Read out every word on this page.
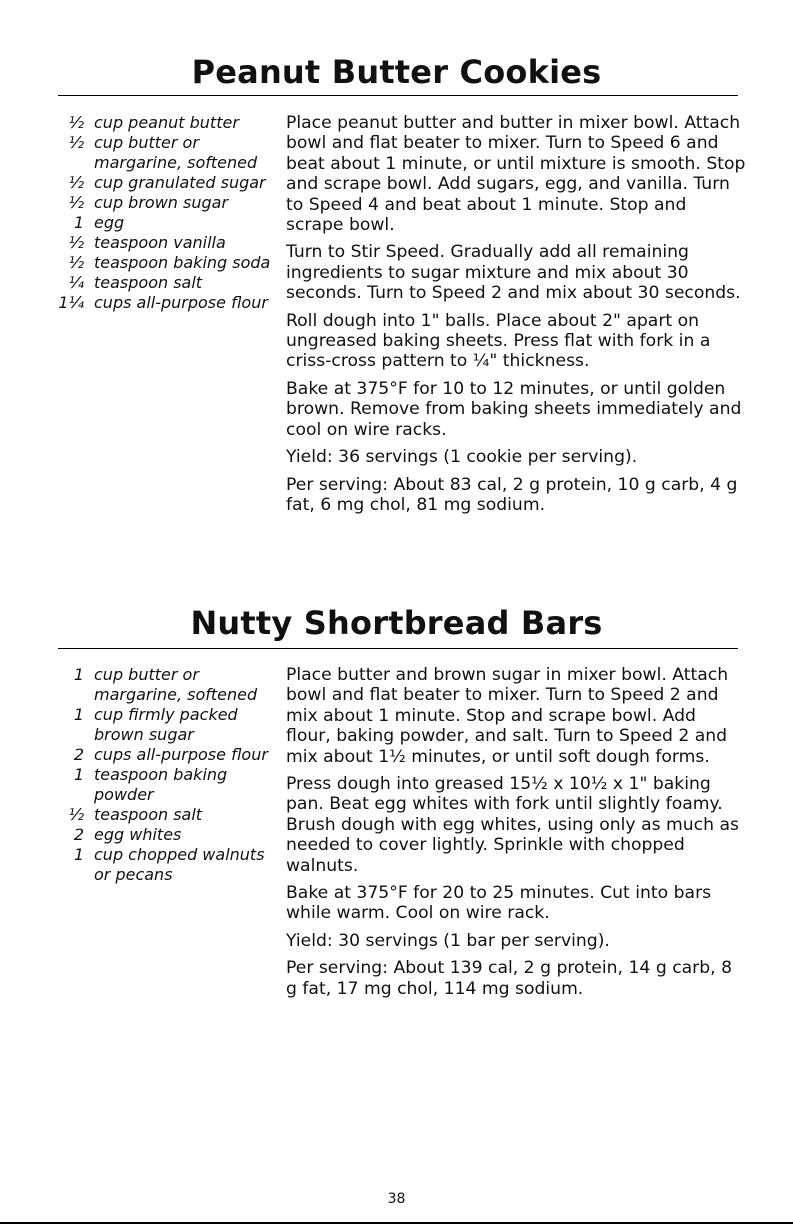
Peanut Butter Cookies
½ cup peanut butter
½ cup butter or margarine, softened
½ cup granulated sugar
½ cup brown sugar
1 egg
½ teaspoon vanilla
½ teaspoon baking soda
¼ teaspoon salt
1¼ cups all-purpose flour

Place peanut butter and butter in mixer bowl. Attach bowl and flat beater to mixer. Turn to Speed 6 and beat about 1 minute, or until mixture is smooth. Stop and scrape bowl. Add sugars, egg, and vanilla. Turn to Speed 4 and beat about 1 minute. Stop and scrape bowl.

Turn to Stir Speed. Gradually add all remaining ingredients to sugar mixture and mix about 30 seconds. Turn to Speed 2 and mix about 30 seconds.

Roll dough into 1" balls. Place about 2" apart on ungreased baking sheets. Press flat with fork in a criss-cross pattern to ¼" thickness.

Bake at 375°F for 10 to 12 minutes, or until golden brown. Remove from baking sheets immediately and cool on wire racks.

Yield: 36 servings (1 cookie per serving).

Per serving: About 83 cal, 2 g protein, 10 g carb, 4 g fat, 6 mg chol, 81 mg sodium.

Nutty Shortbread Bars
1 cup butter or margarine, softened
1 cup firmly packed brown sugar
2 cups all-purpose flour
1 teaspoon baking powder
½ teaspoon salt
2 egg whites
1 cup chopped walnuts or pecans

Place butter and brown sugar in mixer bowl. Attach bowl and flat beater to mixer. Turn to Speed 2 and mix about 1 minute. Stop and scrape bowl. Add flour, baking powder, and salt. Turn to Speed 2 and mix about 1½ minutes, or until soft dough forms.

Press dough into greased 15½ x 10½ x 1" baking pan. Beat egg whites with fork until slightly foamy. Brush dough with egg whites, using only as much as needed to cover lightly. Sprinkle with chopped walnuts.

Bake at 375°F for 20 to 25 minutes. Cut into bars while warm. Cool on wire rack.

Yield: 30 servings (1 bar per serving).

Per serving: About 139 cal, 2 g protein, 14 g carb, 8 g fat, 17 mg chol, 114 mg sodium.

38
